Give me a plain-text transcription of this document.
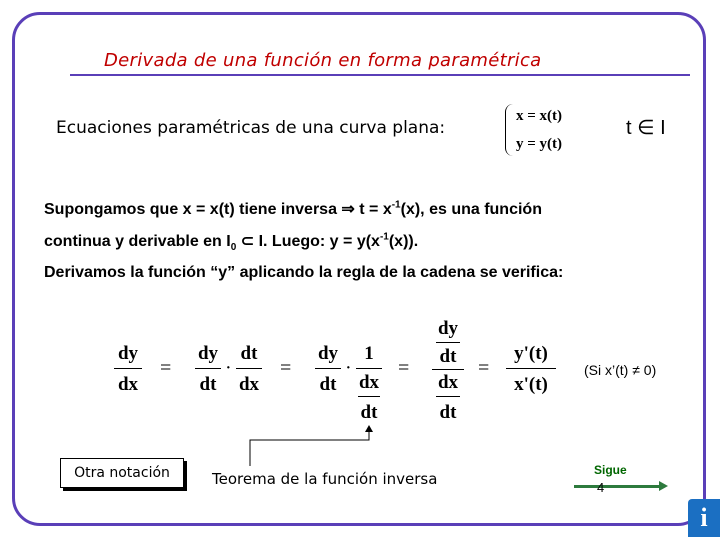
Derivada de una función en forma paramétrica
Ecuaciones paramétricas de una curva plana:
x = x(t)
y = y(t)
t ∈ I
Supongamos que x = x(t) tiene inversa ⇒ $t = x^{-1}(x)$, es una función
continua y derivable en $I_0$ ⊂ I. Luego: $y = y(x^{-1}(x))$.
Derivamos la función “y” aplicando la regla de la cadena se verifica:
dy
dx
=
dy
dt
·
dt
dx
=
dy
dt
·
1
dx
dt
=
dy
dt
dx
dt
=
y'(t)
x'(t)
(Si x’(t) ≠ 0)
Otra notación	Teorema de la función inversa	Sigue
4
i
